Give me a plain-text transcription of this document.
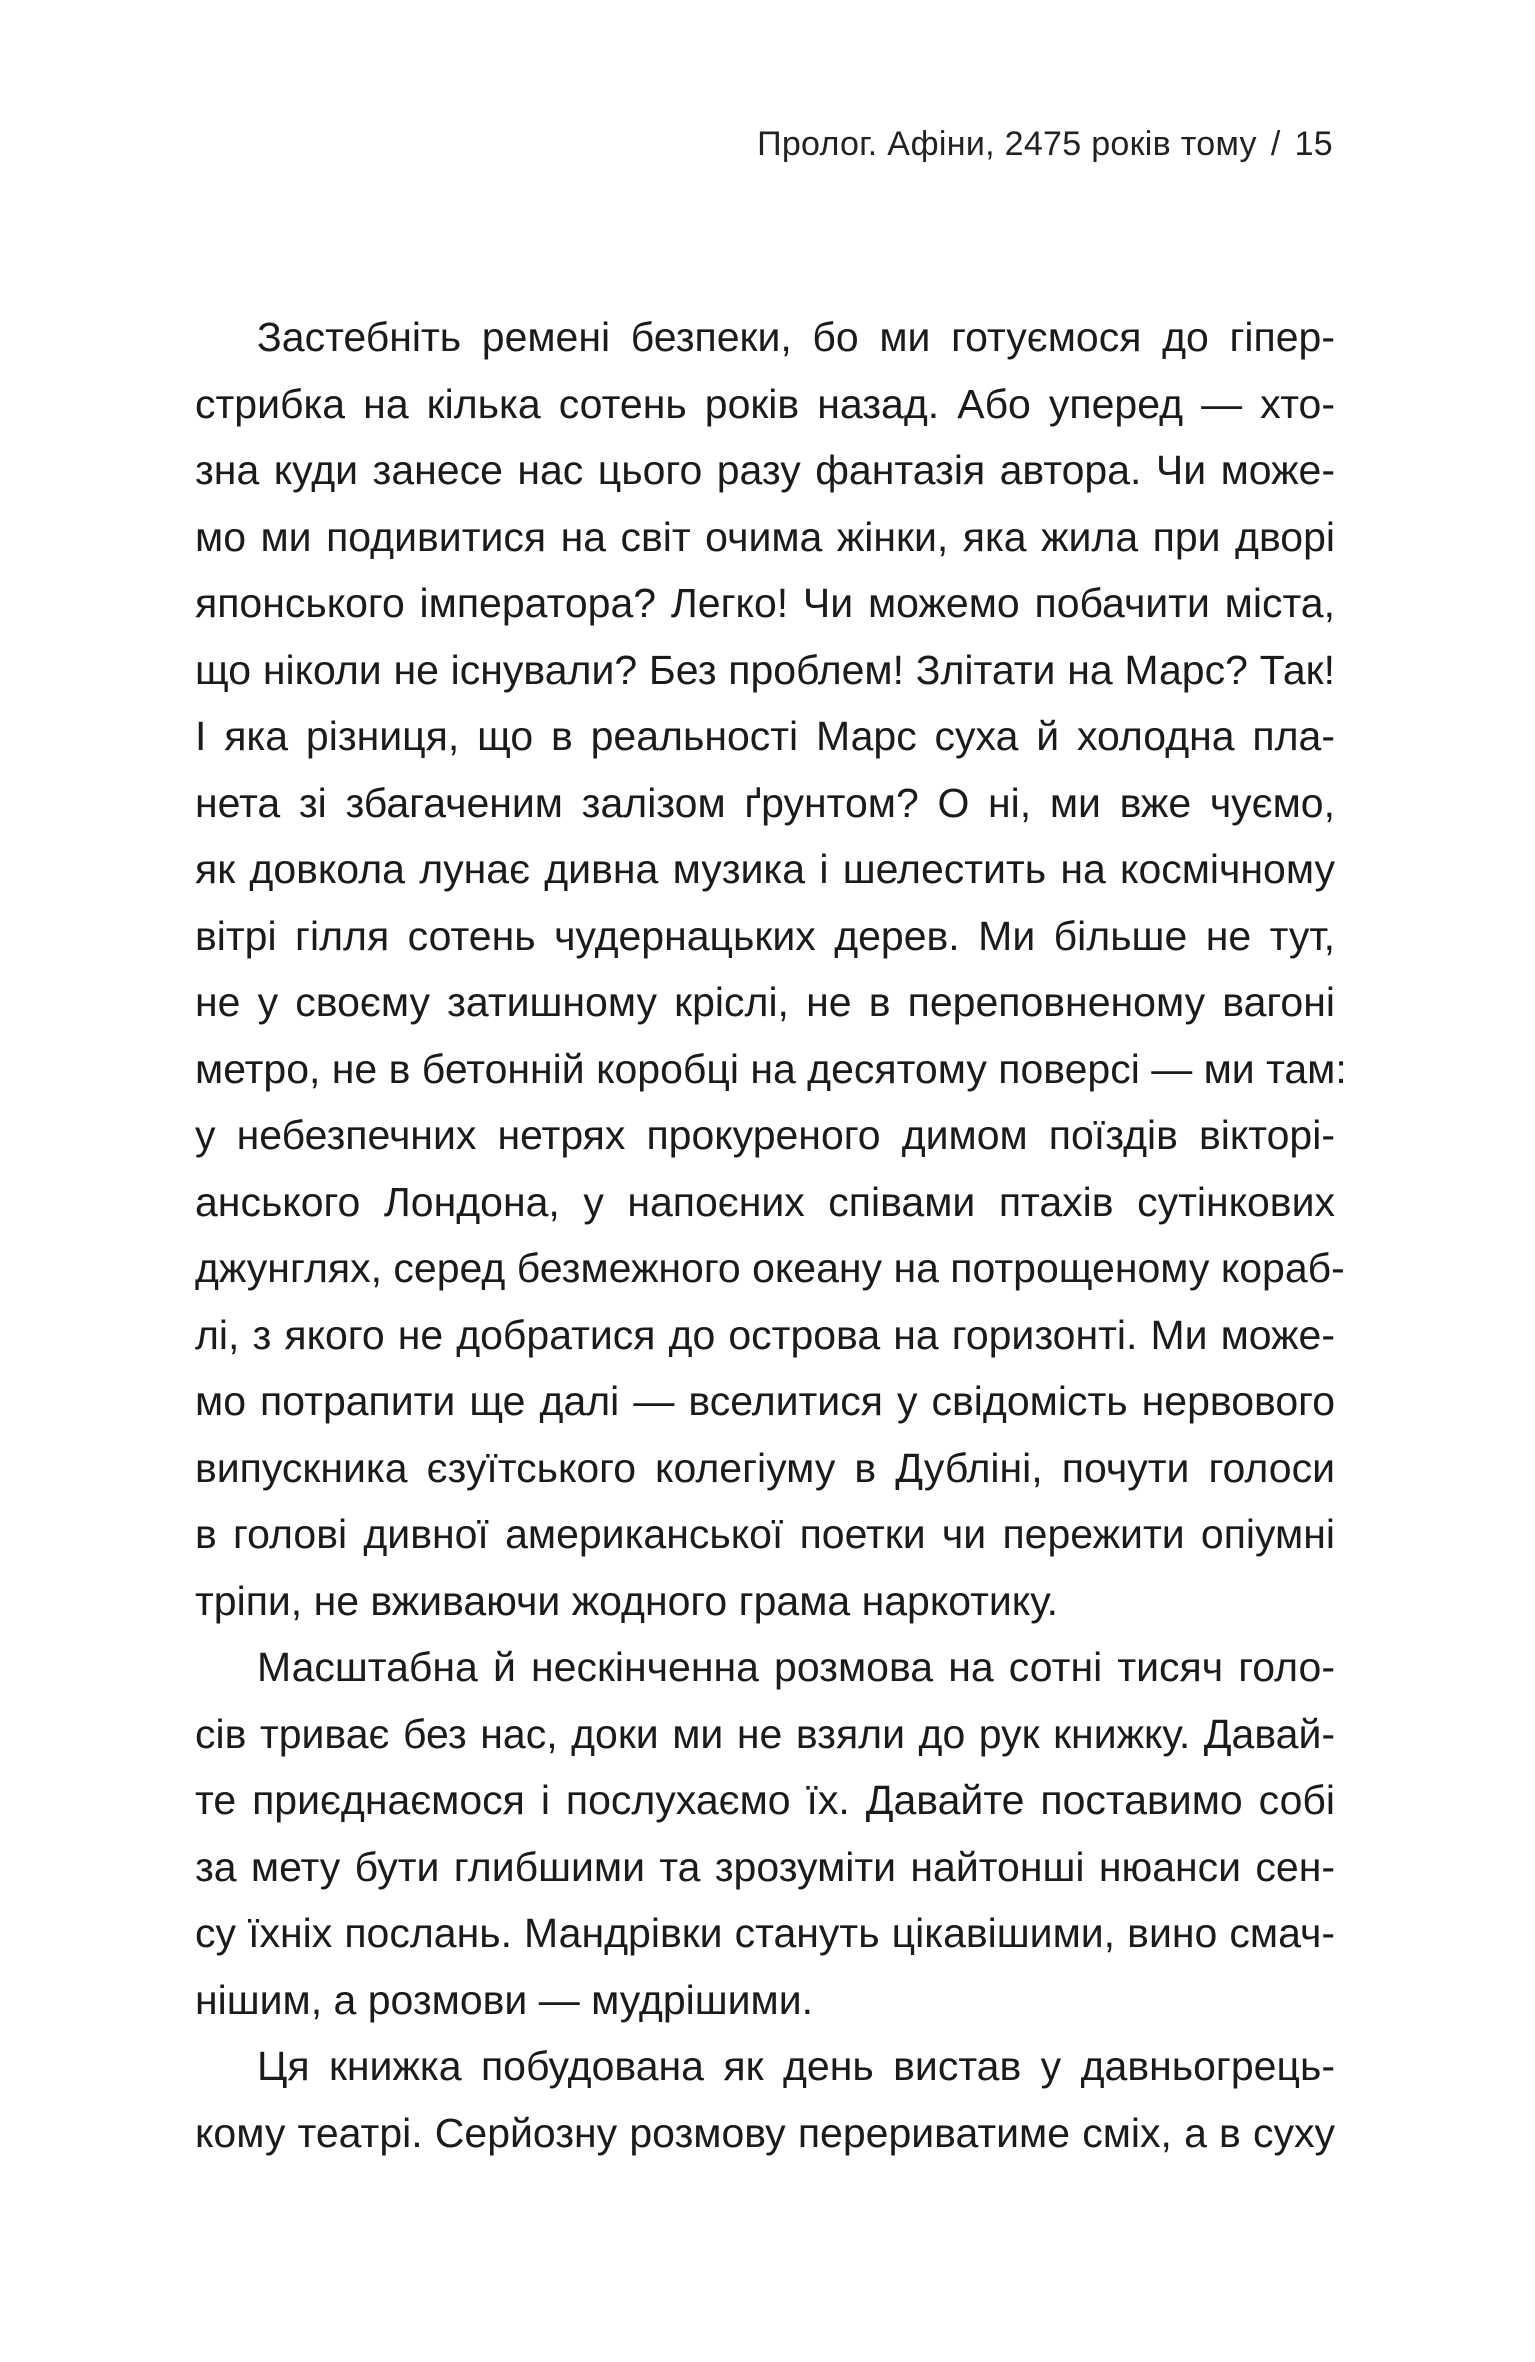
Пролог. Афіни, 2475 років тому / 15
Застебніть ремені безпеки, бо ми готуємося до гіпер-
стрибка на кілька сотень років назад. Або уперед — хто-
зна куди занесе нас цього разу фантазія автора. Чи може-
мо ми подивитися на світ очима жінки, яка жила при дворі
японського імператора? Легко! Чи можемо побачити міста,
що ніколи не існували? Без проблем! Злітати на Марс? Так!
І яка різниця, що в реальності Марс суха й холодна пла-
нета зі збагаченим залізом ґрунтом? О ні, ми вже чуємо,
як довкола лунає дивна музика і шелестить на космічному
вітрі гілля сотень чудернацьких дерев. Ми більше не тут,
не у своєму затишному кріслі, не в переповненому вагоні
метро, не в бетонній коробці на десятому поверсі — ми там:
у небезпечних нетрях прокуреного димом поїздів вікторі-
анського Лондона, у напоєних співами птахів сутінкових
джунглях, серед безмежного океану на потрощеному кораб-
лі, з якого не добратися до острова на горизонті. Ми може-
мо потрапити ще далі — вселитися у свідомість нервового
випускника єзуїтського колегіуму в Дубліні, почути голоси
в голові дивної американської поетки чи пережити опіумні
тріпи, не вживаючи жодного грама наркотику.
Масштабна й нескінченна розмова на сотні тисяч голо-
сів триває без нас, доки ми не взяли до рук книжку. Давай-
те приєднаємося і послухаємо їх. Давайте поставимо собі
за мету бути глибшими та зрозуміти найтонші нюанси сен-
су їхніх послань. Мандрівки стануть цікавішими, вино смач-
нішим, а розмови — мудрішими.
Ця книжка побудована як день вистав у давньогрець-
кому театрі. Серйозну розмову перериватиме сміх, а в суху
